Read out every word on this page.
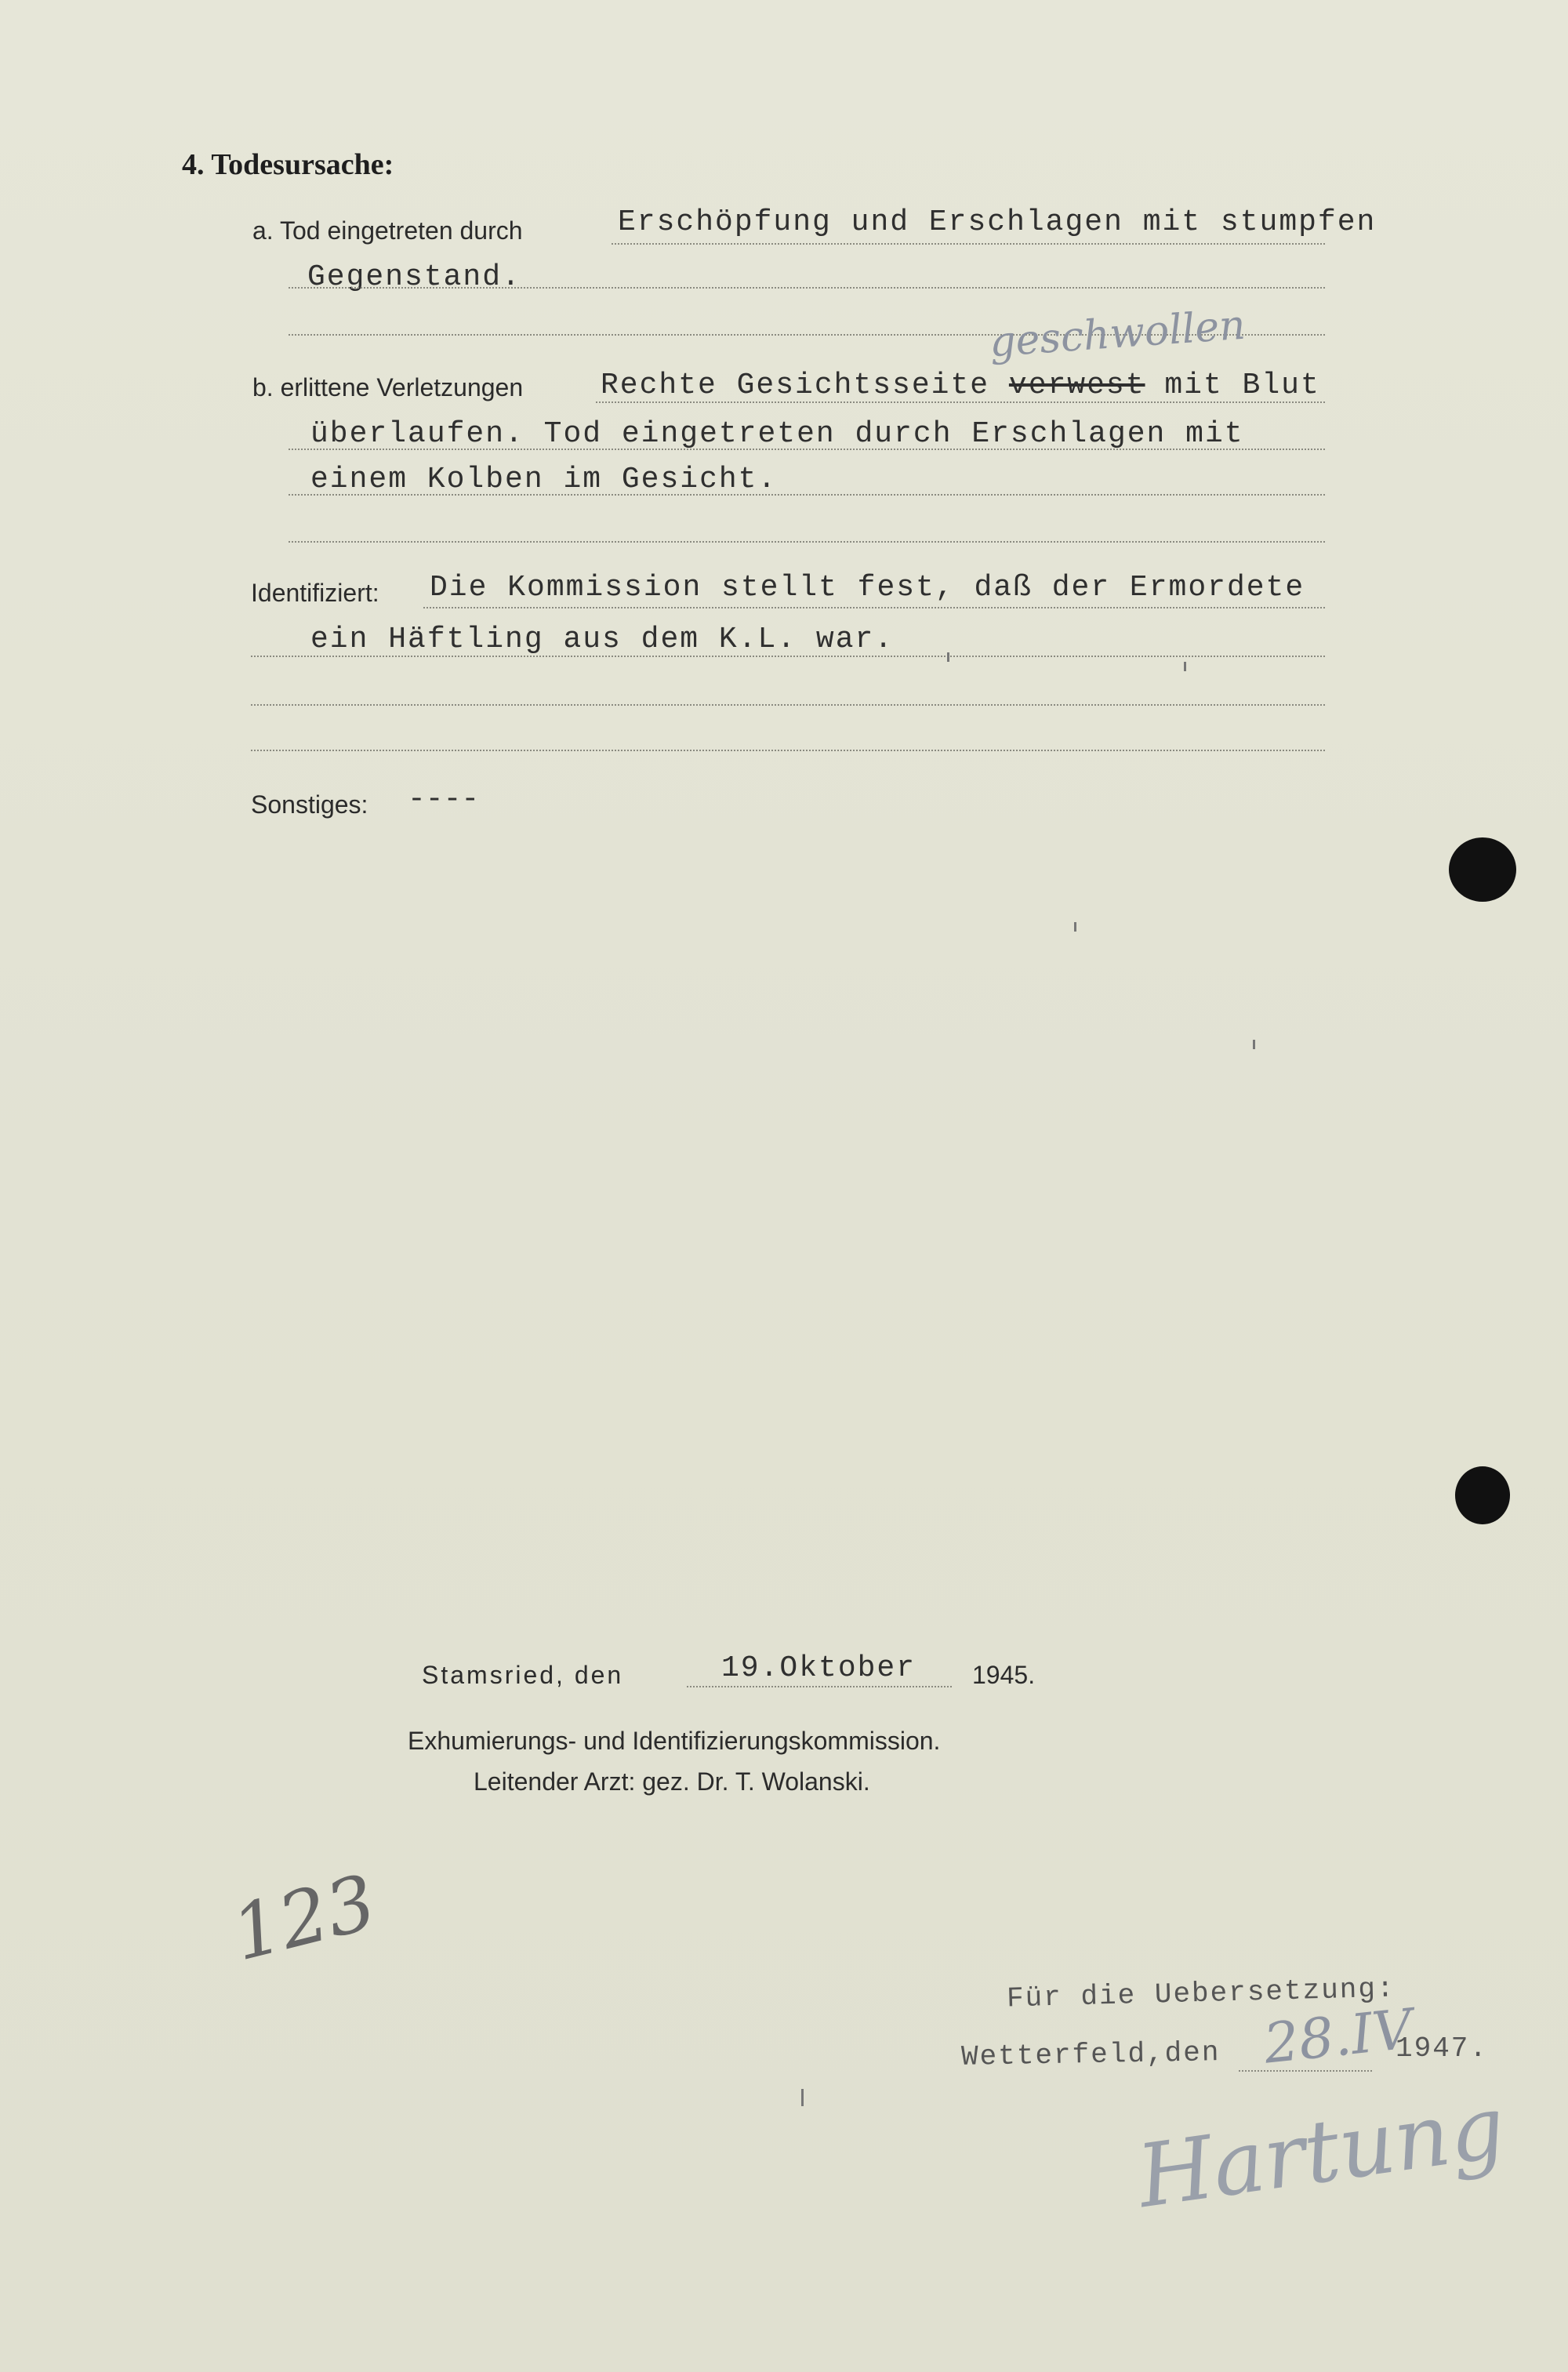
4. Todesursache:
a. Tod eingetreten durch	Erschöpfung und Erschlagen mit stumpfen
Gegenstand.
geschwollen
b. erlittene Verletzungen	Rechte Gesichtsseite verwest mit Blut
überlaufen. Tod eingetreten durch Erschlagen mit
einem Kolben im Gesicht.
Identifiziert: Die Kommission stellt fest, daß der Ermordete
ein Häftling aus dem K.L. war.
Sonstiges: ----
Stamsried, den	19.Oktober 1945.
Exhumierungs- und Identifizierungskommission.
Leitender Arzt: gez. Dr. T. Wolanski.
123
Für die Uebersetzung:
Wetterfeld,den 28.IV
1947.
Hartung
